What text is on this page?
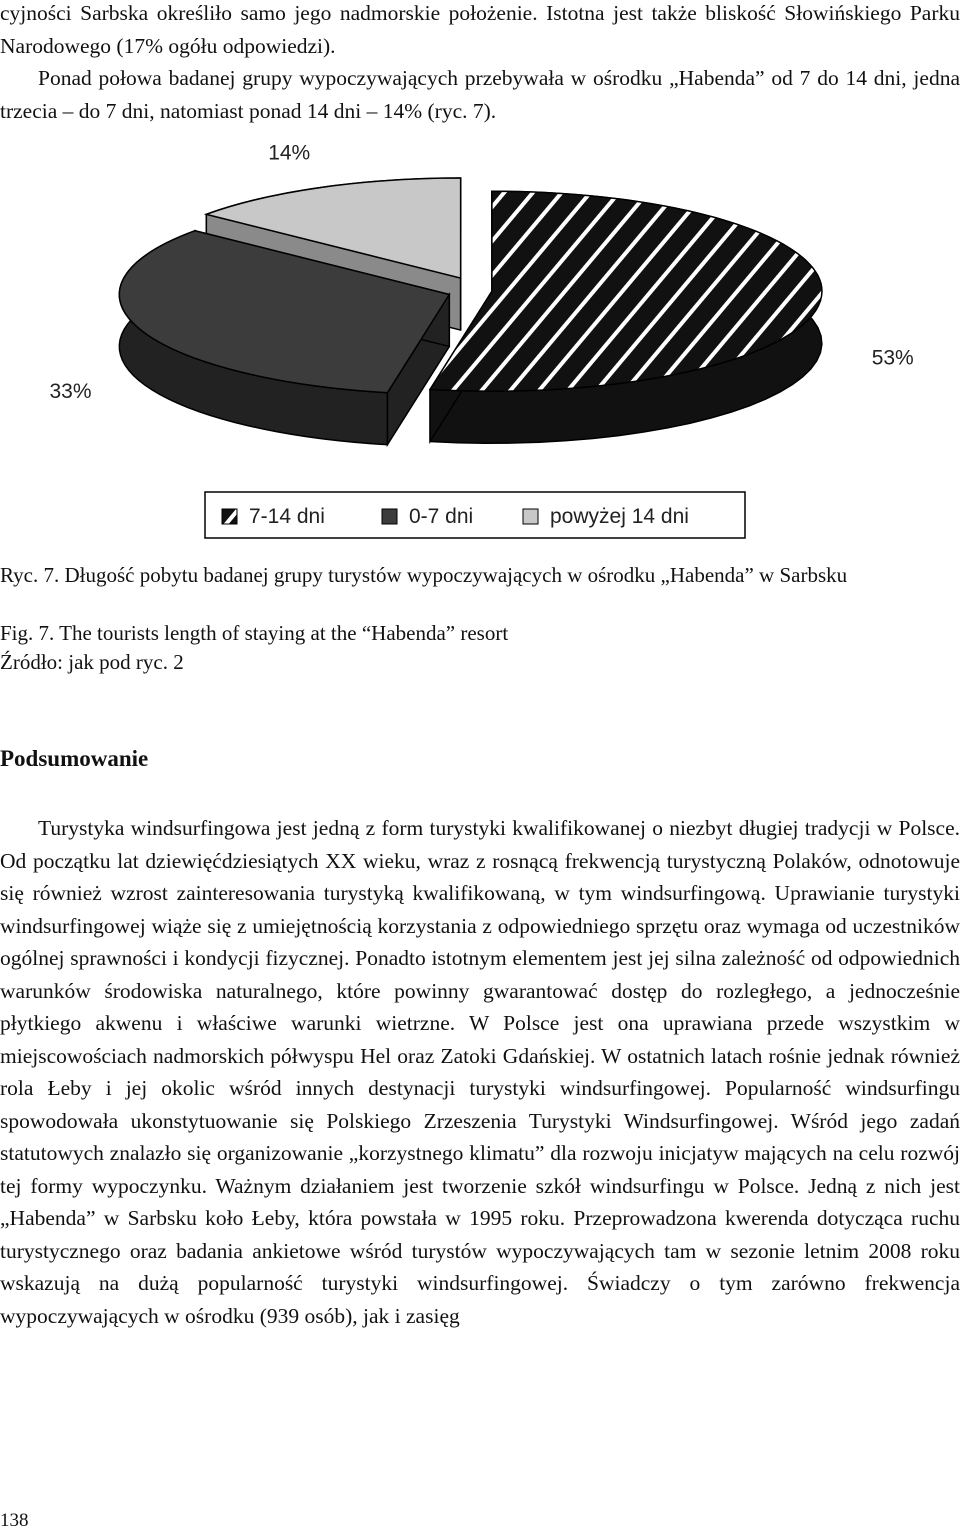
cyjności Sarbska określiło samo jego nadmorskie położenie. Istotna jest także bliskość Słowińskiego Parku Narodowego (17% ogółu odpowiedzi).

Ponad połowa badanej grupy wypoczywających przebywała w ośrodku „Habenda” od 7 do 14 dni, jedna trzecia – do 7 dni, natomiast ponad 14 dni – 14% (ryc. 7).

53%
33%
14%
7-14 dni	0-7 dni	powyżej 14 dni

Ryc. 7. Długość pobytu badanej grupy turystów wypoczywających w ośrodku „Habenda” w Sarbsku

Fig. 7. The tourists length of staying at the “Habenda” resort

Źródło: jak pod ryc. 2

Podsumowanie

Turystyka windsurfingowa jest jedną z form turystyki kwalifikowanej o niezbyt długiej tradycji w Polsce. Od początku lat dziewięćdziesiątych XX wieku, wraz z rosnącą frekwencją turystyczną Polaków, odnotowuje się również wzrost zainteresowania turystyką kwalifikowaną, w tym windsurfingową. Uprawianie turystyki windsurfingowej wiąże się z umiejętnością korzystania z odpowiedniego sprzętu oraz wymaga od uczestników ogólnej sprawności i kondycji fizycznej. Ponadto istotnym elementem jest jej silna zależność od odpowiednich warunków środowiska naturalnego, które powinny gwarantować dostęp do rozległego, a jednocześnie płytkiego akwenu i właściwe warunki wietrzne. W Polsce jest ona uprawiana przede wszystkim w miejscowościach nadmorskich półwyspu Hel oraz Zatoki Gdańskiej. W ostatnich latach rośnie jednak również rola Łeby i jej okolic wśród innych destynacji turystyki windsurfingowej. Popularność windsurfingu spowodowała ukonstytuowanie się Polskiego Zrzeszenia Turystyki Windsurfingowej. Wśród jego zadań statutowych znalazło się organizowanie „korzystnego klimatu” dla rozwoju inicjatyw mających na celu rozwój tej formy wypoczynku. Ważnym działaniem jest tworzenie szkół windsurfingu w Polsce. Jedną z nich jest „Habenda” w Sarbsku koło Łeby, która powstała w 1995 roku. Przeprowadzona kwerenda dotycząca ruchu turystycznego oraz badania ankietowe wśród turystów wypoczywających tam w sezonie letnim 2008 roku wskazują na dużą popularność turystyki windsurfingowej. Świadczy o tym zarówno frekwencja wypoczywających w ośrodku (939 osób), jak i zasięg

138
